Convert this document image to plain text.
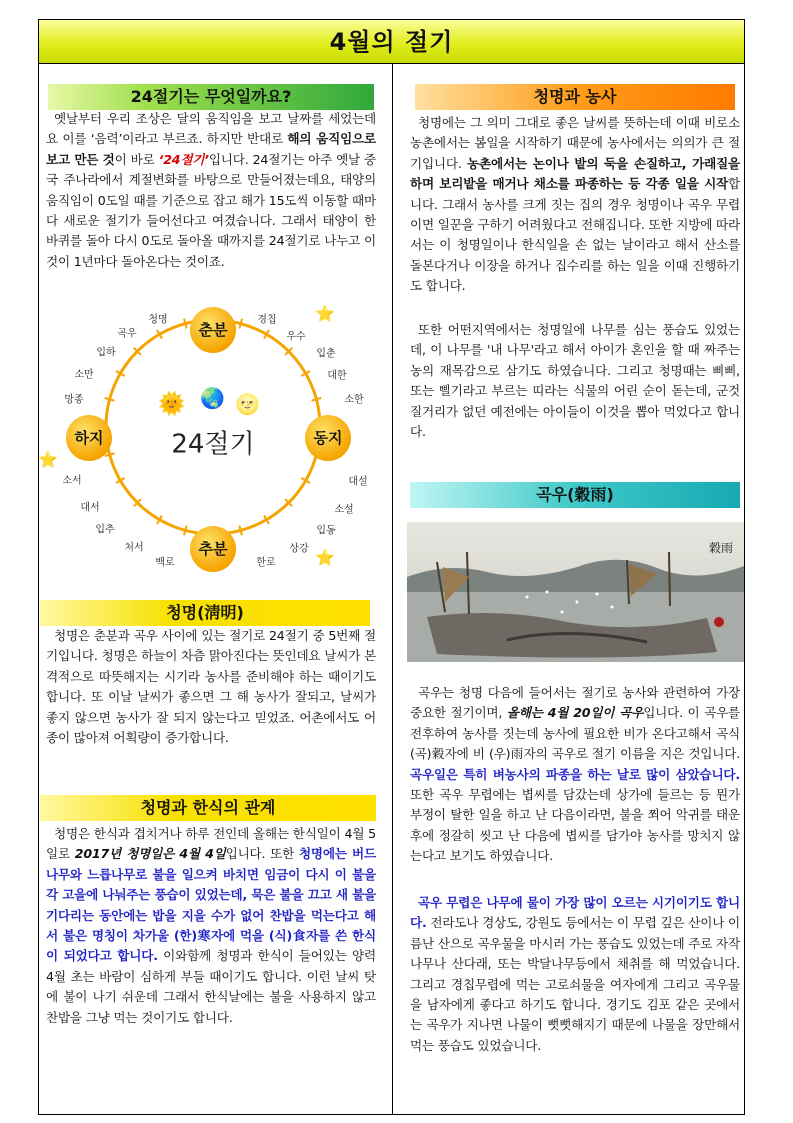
4월의 절기
24절기는 무엇일까요?
옛날부터 우리 조상은 달의 움직임을 보고 날짜를 세었는데요 이를 ‘음력’이라고 부르죠. 하지만 반대로 해의 움직임으로 보고 만든 것이 바로 ‘24절기’입니다. 24절기는 아주 옛날 중국 주나라에서 계절변화를 바탕으로 만들어졌는데요, 태양의 움직임이 0도일 때를 기준으로 잡고 해가 15도씩 이동할 때마다 새로운 절기가 들어선다고 여겼습니다. 그래서 태양이 한 바퀴를 돌아 다시 0도로 돌아올 때까지를 24절기로 나누고 이것이 1년마다 돌아온다는 것이죠.
24절기
🌞 🌏 🌝
⭐
⭐
⭐
춘분
동지
추분
하지
경칩
우수
입춘
대한
소한
대설
소설
입동
상강
한로
백로
처서
입추
대서
소서
망종
소만
입하
곡우
청명
청명(淸明)
청명은 춘분과 곡우 사이에 있는 절기로 24절기 중 5번째 절기입니다. 청명은 하늘이 차츰 맑아진다는 뜻인데요 날씨가 본격적으로 따뜻해지는 시기라 농사를 준비해야 하는 때이기도 합니다. 또 이날 날씨가 좋으면 그 해 농사가 잘되고, 날씨가 좋지 않으면 농사가 잘 되지 않는다고 믿었죠. 어촌에서도 어종이 많아져 어획량이 증가합니다.
청명과 한식의 관계
청명은 한식과 겹치거나 하루 전인데 올해는 한식일이 4월 5일로 2017년 청명일은 4월 4일입니다. 또한 청명에는 버드나무와 느릅나무로 불을 일으켜 바치면 임금이 다시 이 불을 각 고을에 나눠주는 풍습이 있었는데, 묵은 불을 끄고 새 불을 기다리는 동안에는 밥을 지을 수가 없어 찬밥을 먹는다고 해서 불은 명칭이 차가울 (한)寒자에 먹을 (식)食자를 쓴 한식이 되었다고 합니다. 이와함께 청명과 한식이 들어있는 양력 4월 초는 바람이 심하게 부들 때이기도 합니다. 이런 날씨 탓에 불이 나기 쉬운데 그래서 한식날에는 불을 사용하지 않고 찬밥을 그냥 먹는 것이기도 합니다.
청명과 농사
청명에는 그 의미 그대로 좋은 날씨를 뜻하는데 이때 비로소 농촌에서는 봄일을 시작하기 때문에 농사에서는 의의가 큰 절기입니다. 농촌에서는 논이나 밭의 둑을 손질하고, 가래질을 하며 보리밭을 매거나 채소를 파종하는 등 각종 일을 시작합니다. 그래서 농사를 크게 짓는 집의 경우 청명이나 곡우 무렵이면 일꾼을 구하기 어려웠다고 전해집니다. 또한 지방에 따라서는 이 청명일이나 한식일을 손 없는 날이라고 해서 산소를 돌본다거나 이장을 하거나 집수리를 하는 일을 이때 진행하기도 합니다.
또한 어떤지역에서는 청명일에 나무를 심는 풍습도 있었는데, 이 나무를 '내 나무'라고 해서 아이가 혼인을 할 때 짜주는 농의 재목감으로 삼기도 하였습니다. 그리고 청명때는 삐삐, 또는 삘기라고 부르는 띠라는 식물의 어린 순이 돋는데, 군것질거리가 없던 예전에는 아이들이 이것을 뽑아 먹었다고 합니다.
곡우(穀雨)
穀雨
곡우는 청명 다음에 들어서는 절기로 농사와 관련하여 가장 중요한 절기이며, 올해는 4월 20일이 곡우입니다. 이 곡우를 전후하여 농사를 짓는데 농사에 필요한 비가 온다고해서 곡식 (곡)穀자에 비 (우)雨자의 곡우로 절기 이름을 지은 것입니다. 곡우일은 특히 벼농사의 파종을 하는 날로 많이 삼았습니다. 또한 곡우 무렵에는 볍씨를 담갔는데 상가에 들르는 등 뭔가 부정이 탈한 일을 하고 난 다음이라면, 불을 쬐어 악귀를 태운 후에 정갈히 씻고 난 다음에 볍씨를 담가야 농사를 망치지 않는다고 보기도 하였습니다.
곡우 무렵은 나무에 물이 가장 많이 오르는 시기이기도 합니다. 전라도나 경상도, 강원도 등에서는 이 무렵 깊은 산이나 이름난 산으로 곡우물을 마시러 가는 풍습도 있었는데 주로 자작나무나 산다래, 또는 박달나무등에서 채취를 해 먹었습니다. 그리고 경칩무렵에 먹는 고로쇠물을 여자에게 그리고 곡우물을 남자에게 좋다고 하기도 합니다. 경기도 김포 같은 곳에서는 곡우가 지나면 나물이 뻣뻣해지기 때문에 나물을 장만해서 먹는 풍습도 있었습니다.
